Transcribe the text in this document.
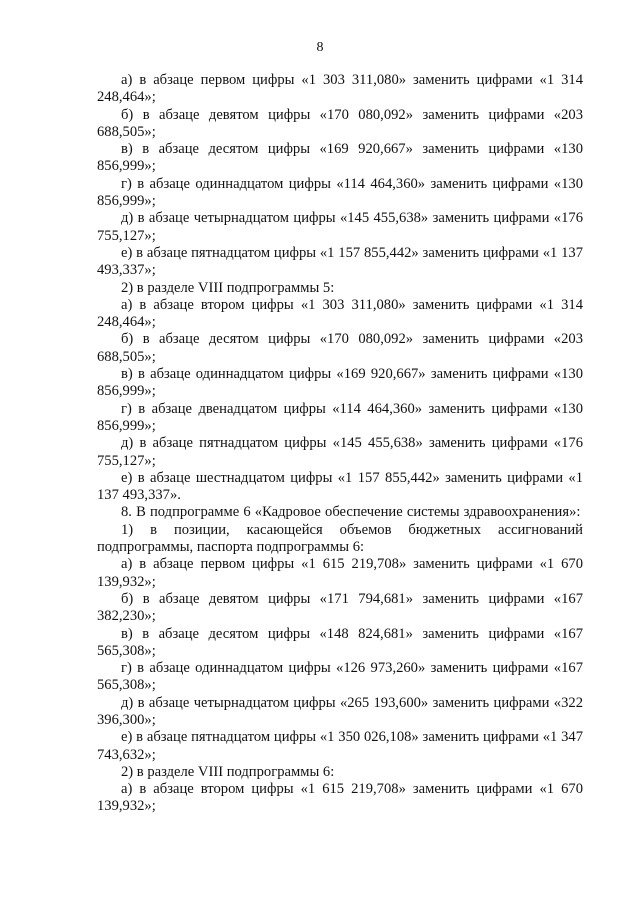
8

а) в абзаце первом цифры «1 303 311,080» заменить цифрами «1 314 248,464»;

б) в абзаце девятом цифры «170 080,092» заменить цифрами «203 688,505»;

в) в абзаце десятом цифры «169 920,667» заменить цифрами «130 856,999»;

г) в абзаце одиннадцатом цифры «114 464,360» заменить цифрами «130 856,999»;

д) в абзаце четырнадцатом цифры «145 455,638» заменить цифрами «176 755,127»;

е) в абзаце пятнадцатом цифры «1 157 855,442» заменить цифрами «1 137 493,337»;

2) в разделе VIII подпрограммы 5:

а) в абзаце втором цифры «1 303 311,080» заменить цифрами «1 314 248,464»;

б) в абзаце десятом цифры «170 080,092» заменить цифрами «203 688,505»;

в) в абзаце одиннадцатом цифры «169 920,667» заменить цифрами «130 856,999»;

г) в абзаце двенадцатом цифры «114 464,360» заменить цифрами «130 856,999»;

д) в абзаце пятнадцатом цифры «145 455,638» заменить цифрами «176 755,127»;

е) в абзаце шестнадцатом цифры «1 157 855,442» заменить цифрами «1 137 493,337».

8. В подпрограмме 6 «Кадровое обеспечение системы здравоохранения»:

1) в позиции, касающейся объемов бюджетных ассигнований подпрограммы, паспорта подпрограммы 6:

а) в абзаце первом цифры «1 615 219,708» заменить цифрами «1 670 139,932»;

б) в абзаце девятом цифры «171 794,681» заменить цифрами «167 382,230»;

в) в абзаце десятом цифры «148 824,681» заменить цифрами «167 565,308»;

г) в абзаце одиннадцатом цифры «126 973,260» заменить цифрами «167 565,308»;

д) в абзаце четырнадцатом цифры «265 193,600» заменить цифрами «322 396,300»;

е) в абзаце пятнадцатом цифры «1 350 026,108» заменить цифрами «1 347 743,632»;

2) в разделе VIII подпрограммы 6:

а) в абзаце втором цифры «1 615 219,708» заменить цифрами «1 670 139,932»;
